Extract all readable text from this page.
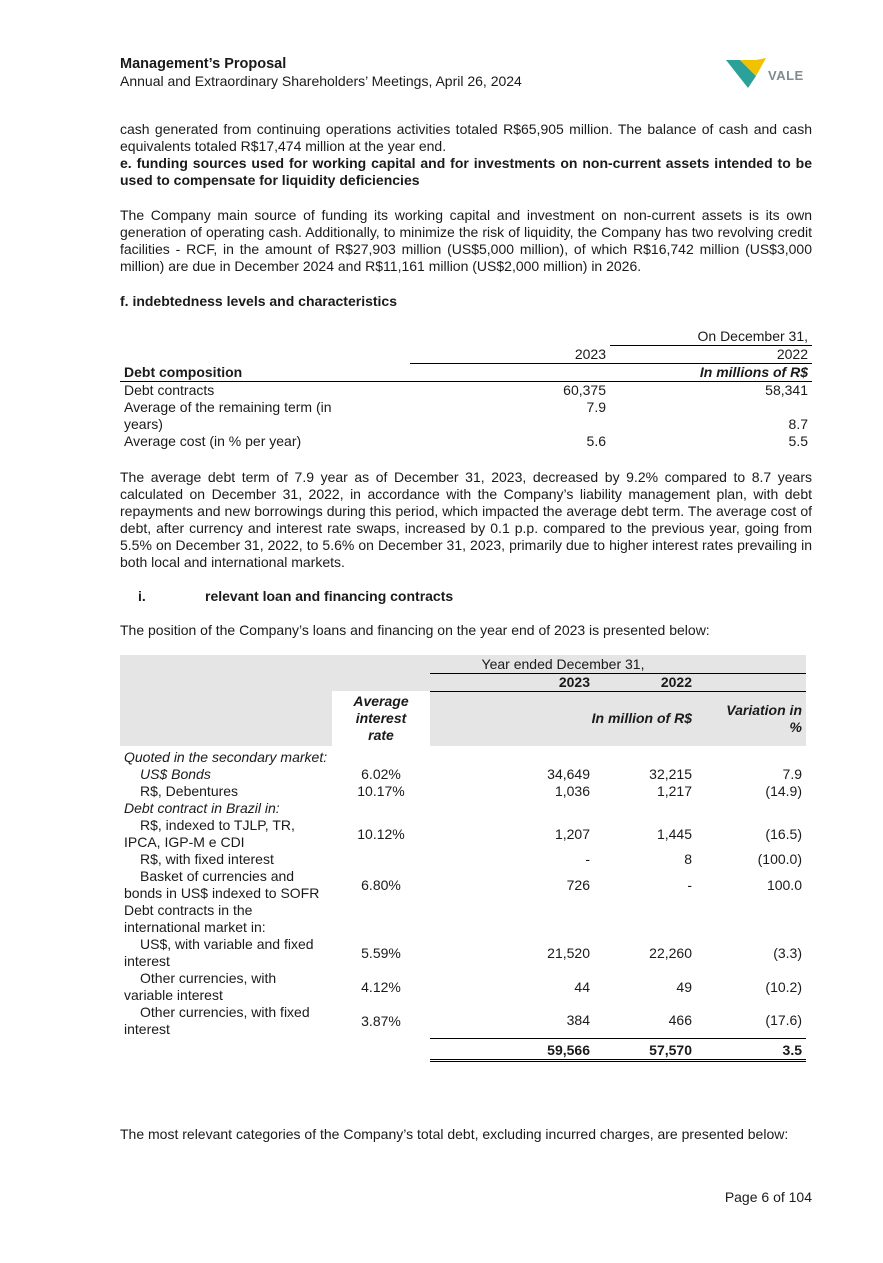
Management’s Proposal
Annual and Extraordinary Shareholders’ Meetings, April 26, 2024	VALE
cash generated from continuing operations activities totaled R$65,905 million. The balance of cash and cash equivalents totaled R$17,474 million at the year end.
e. funding sources used for working capital and for investments on non-current assets intended to be used to compensate for liquidity deficiencies
The Company main source of funding its working capital and investment on non-current assets is its own generation of operating cash. Additionally, to minimize the risk of liquidity, the Company has two revolving credit facilities - RCF, in the amount of R$27,903 million (US$5,000 million), of which R$16,742 million (US$3,000 million) are due in December 2024 and R$11,161 million (US$2,000 million) in 2026.
f. indebtedness levels and characteristics
		On December 31,
	2023	2022
Debt composition		In millions of R$
Debt contracts	60,375	58,341
Average of the remaining term (in years)	7.9	8.7
Average cost (in % per year)	5.6	5.5
The average debt term of 7.9 year as of December 31, 2023, decreased by 9.2% compared to 8.7 years calculated on December 31, 2022, in accordance with the Company’s liability management plan, with debt repayments and new borrowings during this period, which impacted the average debt term. The average cost of debt, after currency and interest rate swaps, increased by 0.1 p.p. compared to the previous year, going from 5.5% on December 31, 2022, to 5.6% on December 31, 2023, primarily due to higher interest rates prevailing in both local and international markets.
i.	relevant loan and financing contracts
The position of the Company’s loans and financing on the year end of 2023 is presented below:
		Year ended December 31,		
		2023	2022	
	Average interest rate	In million of R$		Variation in %
Quoted in the secondary market:				
US$ Bonds	6.02%	34,649	32,215	7.9
R$, Debentures	10.17%	1,036	1,217	(14.9)
Debt contract in Brazil in:				
R$, indexed to TJLP, TR, IPCA, IGP-M e CDI	10.12%	1,207	1,445	(16.5)
R$, with fixed interest		-	8	(100.0)
Basket of currencies and bonds in US$ indexed to SOFR	6.80%	726	-	100.0
Debt contracts in the international market in:				
US$, with variable and fixed interest	5.59%	21,520	22,260	(3.3)
Other currencies, with variable interest	4.12%	44	49	(10.2)
Other currencies, with fixed interest	3.87%	384	466	(17.6)
		59,566	57,570	3.5
The most relevant categories of the Company’s total debt, excluding incurred charges, are presented below:
Page 6 of 104
